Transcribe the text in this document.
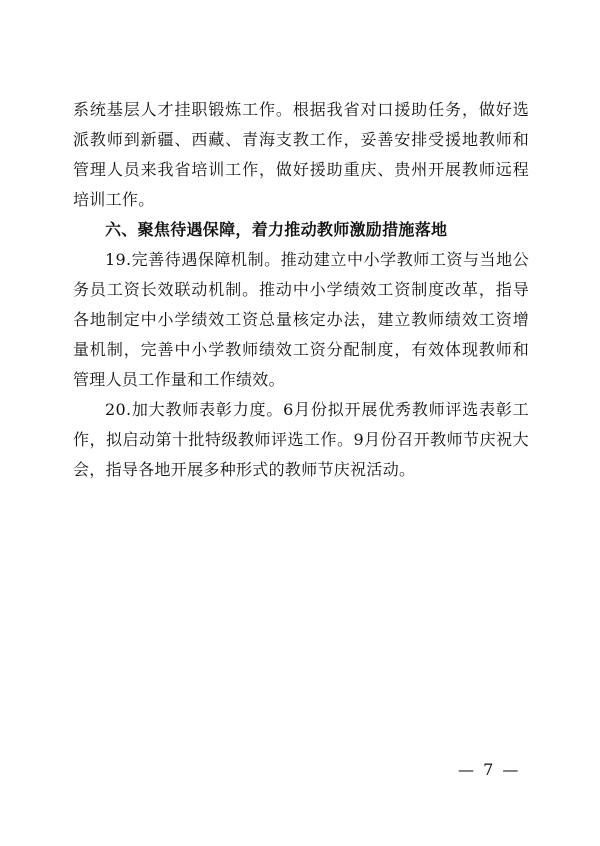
系统基层人才挂职锻炼工作。根据我省对口援助任务，做好选派教师到新疆、西藏、青海支教工作，妥善安排受援地教师和管理人员来我省培训工作，做好援助重庆、贵州开展教师远程培训工作。

六、聚焦待遇保障，着力推动教师激励措施落地

19.完善待遇保障机制。推动建立中小学教师工资与当地公务员工资长效联动机制。推动中小学绩效工资制度改革，指导各地制定中小学绩效工资总量核定办法，建立教师绩效工资增量机制，完善中小学教师绩效工资分配制度，有效体现教师和管理人员工作量和工作绩效。

20.加大教师表彰力度。6月份拟开展优秀教师评选表彰工作，拟启动第十批特级教师评选工作。9月份召开教师节庆祝大会，指导各地开展多种形式的教师节庆祝活动。

— 7 —
